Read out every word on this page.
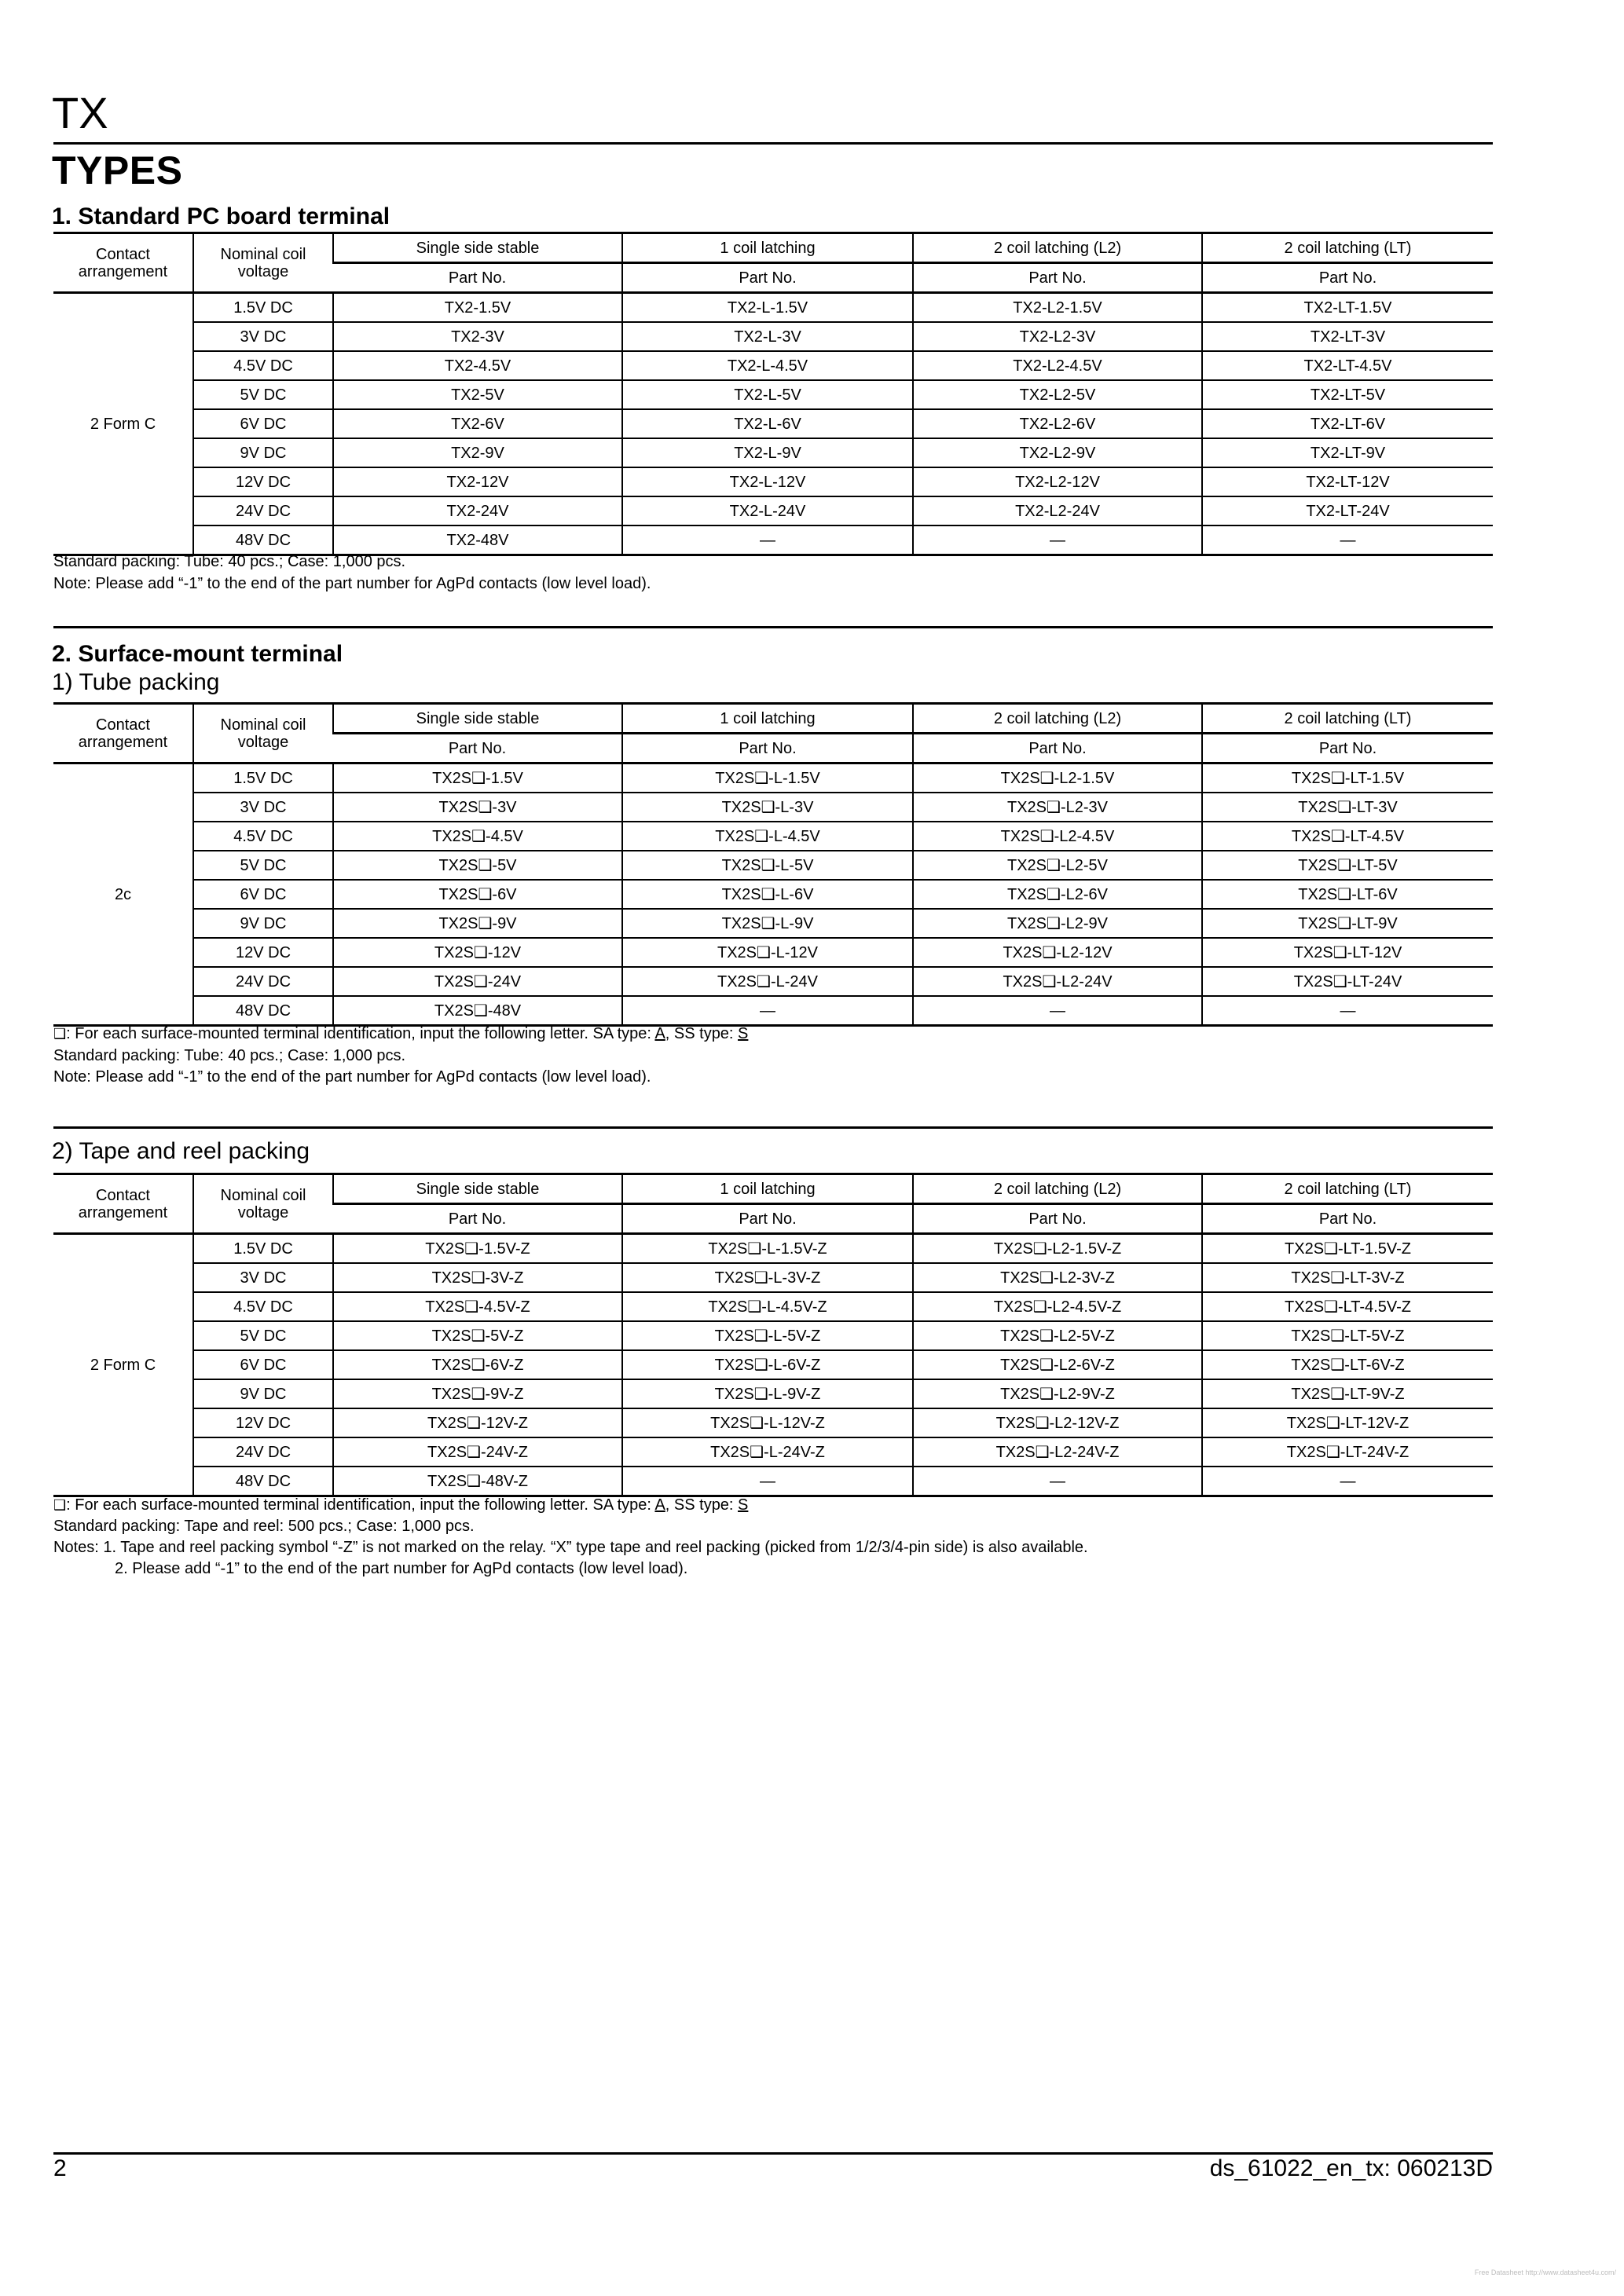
TX
TYPES
1. Standard PC board terminal
Contact
arrangement	Nominal coil
voltage	Single side stable	1 coil latching	2 coil latching (L2)	2 coil latching (LT)
		Part No.	Part No.	Part No.	Part No.
2 Form C	1.5V DC	TX2-1.5V	TX2-L-1.5V	TX2-L2-1.5V	TX2-LT-1.5V
	3V DC	TX2-3V	TX2-L-3V	TX2-L2-3V	TX2-LT-3V
	4.5V DC	TX2-4.5V	TX2-L-4.5V	TX2-L2-4.5V	TX2-LT-4.5V
	5V DC	TX2-5V	TX2-L-5V	TX2-L2-5V	TX2-LT-5V
	6V DC	TX2-6V	TX2-L-6V	TX2-L2-6V	TX2-LT-6V
	9V DC	TX2-9V	TX2-L-9V	TX2-L2-9V	TX2-LT-9V
	12V DC	TX2-12V	TX2-L-12V	TX2-L2-12V	TX2-LT-12V
	24V DC	TX2-24V	TX2-L-24V	TX2-L2-24V	TX2-LT-24V
	48V DC	TX2-48V	—	—	—
Standard packing: Tube: 40 pcs.; Case: 1,000 pcs.
Note: Please add “-1” to the end of the part number for AgPd contacts (low level load).
2. Surface-mount terminal
1) Tube packing
Contact
arrangement	Nominal coil
voltage	Single side stable	1 coil latching	2 coil latching (L2)	2 coil latching (LT)
		Part No.	Part No.	Part No.	Part No.
2c	1.5V DC	TX2S❑-1.5V	TX2S❑-L-1.5V	TX2S❑-L2-1.5V	TX2S❑-LT-1.5V
	3V DC	TX2S❑-3V	TX2S❑-L-3V	TX2S❑-L2-3V	TX2S❑-LT-3V
	4.5V DC	TX2S❑-4.5V	TX2S❑-L-4.5V	TX2S❑-L2-4.5V	TX2S❑-LT-4.5V
	5V DC	TX2S❑-5V	TX2S❑-L-5V	TX2S❑-L2-5V	TX2S❑-LT-5V
	6V DC	TX2S❑-6V	TX2S❑-L-6V	TX2S❑-L2-6V	TX2S❑-LT-6V
	9V DC	TX2S❑-9V	TX2S❑-L-9V	TX2S❑-L2-9V	TX2S❑-LT-9V
	12V DC	TX2S❑-12V	TX2S❑-L-12V	TX2S❑-L2-12V	TX2S❑-LT-12V
	24V DC	TX2S❑-24V	TX2S❑-L-24V	TX2S❑-L2-24V	TX2S❑-LT-24V
	48V DC	TX2S❑-48V	—	—	—
❑: For each surface-mounted terminal identification, input the following letter. SA type: A, SS type: S
Standard packing: Tube: 40 pcs.; Case: 1,000 pcs.
Note: Please add “-1” to the end of the part number for AgPd contacts (low level load).
2) Tape and reel packing
Contact
arrangement	Nominal coil
voltage	Single side stable	1 coil latching	2 coil latching (L2)	2 coil latching (LT)
		Part No.	Part No.	Part No.	Part No.
2 Form C	1.5V DC	TX2S❑-1.5V-Z	TX2S❑-L-1.5V-Z	TX2S❑-L2-1.5V-Z	TX2S❑-LT-1.5V-Z
	3V DC	TX2S❑-3V-Z	TX2S❑-L-3V-Z	TX2S❑-L2-3V-Z	TX2S❑-LT-3V-Z
	4.5V DC	TX2S❑-4.5V-Z	TX2S❑-L-4.5V-Z	TX2S❑-L2-4.5V-Z	TX2S❑-LT-4.5V-Z
	5V DC	TX2S❑-5V-Z	TX2S❑-L-5V-Z	TX2S❑-L2-5V-Z	TX2S❑-LT-5V-Z
	6V DC	TX2S❑-6V-Z	TX2S❑-L-6V-Z	TX2S❑-L2-6V-Z	TX2S❑-LT-6V-Z
	9V DC	TX2S❑-9V-Z	TX2S❑-L-9V-Z	TX2S❑-L2-9V-Z	TX2S❑-LT-9V-Z
	12V DC	TX2S❑-12V-Z	TX2S❑-L-12V-Z	TX2S❑-L2-12V-Z	TX2S❑-LT-12V-Z
	24V DC	TX2S❑-24V-Z	TX2S❑-L-24V-Z	TX2S❑-L2-24V-Z	TX2S❑-LT-24V-Z
	48V DC	TX2S❑-48V-Z	—	—	—
❑: For each surface-mounted terminal identification, input the following letter. SA type: A, SS type: S
Standard packing: Tape and reel: 500 pcs.; Case: 1,000 pcs.
Notes: 1. Tape and reel packing symbol “-Z” is not marked on the relay. “X” type tape and reel packing (picked from 1/2/3/4-pin side) is also available.
2. Please add “-1” to the end of the part number for AgPd contacts (low level load).
2	ds_61022_en_tx: 060213D
Free Datasheet http://www.datasheet4u.com/
